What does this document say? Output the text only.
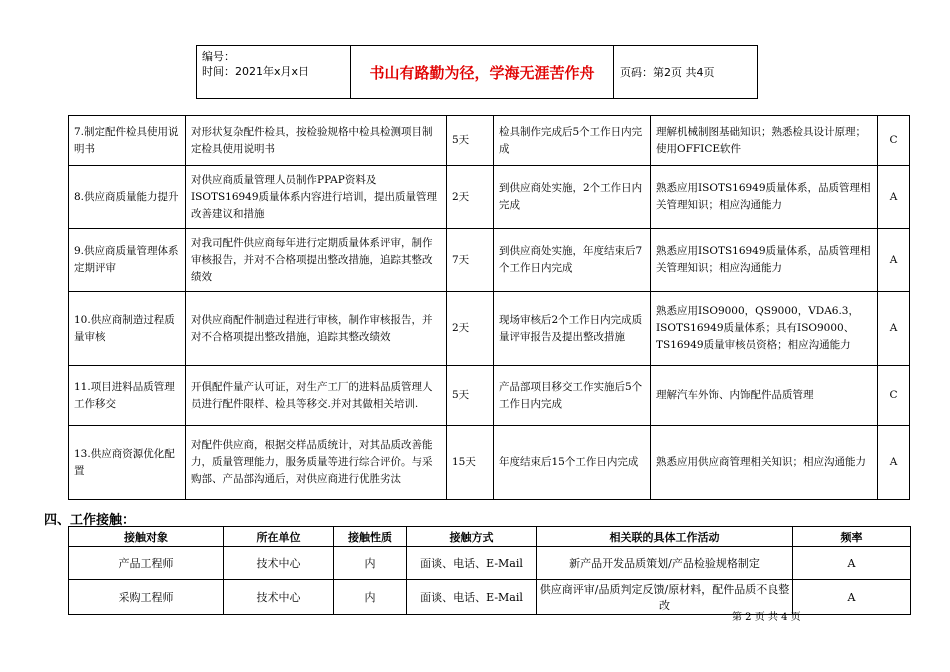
编号：
时间：2021年x月x日	书山有路勤为径，学海无涯苦作舟	页码：第2页 共4页
7.制定配件检具使用说明书	对形状复杂配件检具，按检验规格中检具检测项目制定检具使用说明书	5天	检具制作完成后5个工作日内完成	理解机械制图基础知识；熟悉检具设计原理；使用OFFICE软件	C
8.供应商质量能力提升	对供应商质量管理人员制作PPAP资料及ISOTS16949质量体系内容进行培训，提出质量管理改善建议和措施	2天	到供应商处实施，2个工作日内完成	熟悉应用ISOTS16949质量体系，品质管理相关管理知识；相应沟通能力	A
9.供应商质量管理体系定期评审	对我司配件供应商每年进行定期质量体系评审，制作审核报告，并对不合格项提出整改措施，追踪其整改绩效	7天	到供应商处实施，年度结束后7个工作日内完成	熟悉应用ISOTS16949质量体系，品质管理相关管理知识；相应沟通能力	A
10.供应商制造过程质量审核	对供应商配件制造过程进行审核，制作审核报告，并对不合格项提出整改措施，追踪其整改绩效	2天	现场审核后2个工作日内完成质量评审报告及提出整改措施	熟悉应用ISO9000，QS9000，VDA6.3，ISOTS16949质量体系；具有ISO9000、TS16949质量审核员资格；相应沟通能力	A
11.项目进料品质管理工作移交	开俱配件量产认可证，对生产工厂的进料品质管理人员进行配件限样、检具等移交.并对其做相关培训.	5天	产品部项目移交工作实施后5个工作日内完成	理解汽车外饰、内饰配件品质管理	C
13.供应商资源优化配置	对配件供应商，根据交样品质统计，对其品质改善能力，质量管理能力，服务质量等进行综合评价。与采购部、产品部沟通后，对供应商进行优胜劣汰	15天	年度结束后15个工作日内完成	熟悉应用供应商管理相关知识；相应沟通能力	A
四、工作接触：
接触对象	所在单位	接触性质	接触方式	相关联的具体工作活动	频率
产品工程师	技术中心	内	面谈、电话、E-Mail	新产品开发品质策划/产品检验规格制定	A
采购工程师	技术中心	内	面谈、电话、E-Mail	供应商评审/品质判定反馈/原材料，配件品质不良整改	A
第 2 页 共 4 页
